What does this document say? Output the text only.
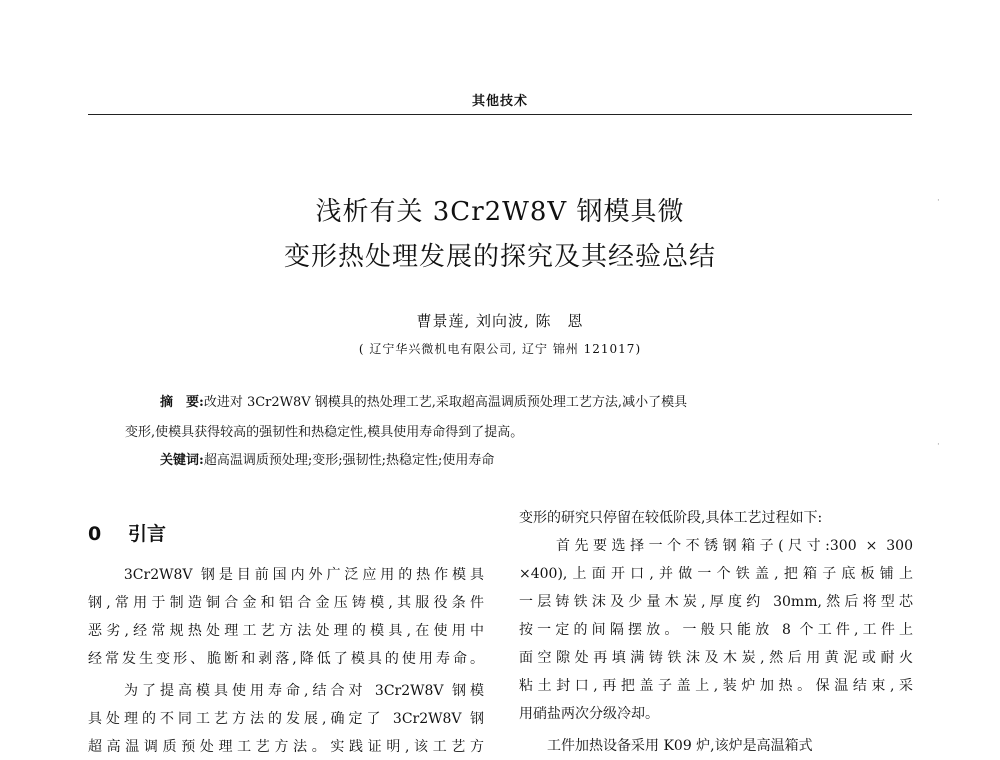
其他技术
浅析有关 3Cr2W8V 钢模具微
变形热处理发展的探究及其经验总结
曹景莲, 刘向波, 陈　恩
( 辽宁华兴微机电有限公司, 辽宁 锦州 121017)
摘　要:改进对 3Cr2W8V 钢模具的热处理工艺,采取超高温调质预处理工艺方法,减小了模具
变形,使模具获得较高的强韧性和热稳定性,模具使用寿命得到了提高。
关键词:超高温调质预处理;变形;强韧性;热稳定性;使用寿命
0 引言
　　3Cr2W8V 钢是目前国内外广泛应用的热作模具
钢,常用于制造铜合金和铝合金压铸模,其服役条件
恶劣,经常规热处理工艺方法处理的模具,在使用中
经常发生变形、脆断和剥落,降低了模具的使用寿命。
　　为了提高模具使用寿命,结合对 3Cr2W8V 钢模
具处理的不同工艺方法的发展,确定了 3Cr2W8V 钢
超高温调质预处理工艺方法。实践证明,该工艺方
变形的研究只停留在较低阶段,具体工艺过程如下:
　　首先要选择一个不锈钢箱子(尺寸:300 × 300
×400),上面开口,并做一个铁盖,把箱子底板铺上
一层铸铁沫及少量木炭,厚度约 30mm,然后将型芯
按一定的间隔摆放。一般只能放 8 个工件,工件上
面空隙处再填满铸铁沫及木炭,然后用黄泥或耐火
粘土封口,再把盖子盖上,装炉加热。保温结束,采
用硝盐两次分级冷却。
　　工件加热设备采用 K09 炉,该炉是高温箱式
·
·
